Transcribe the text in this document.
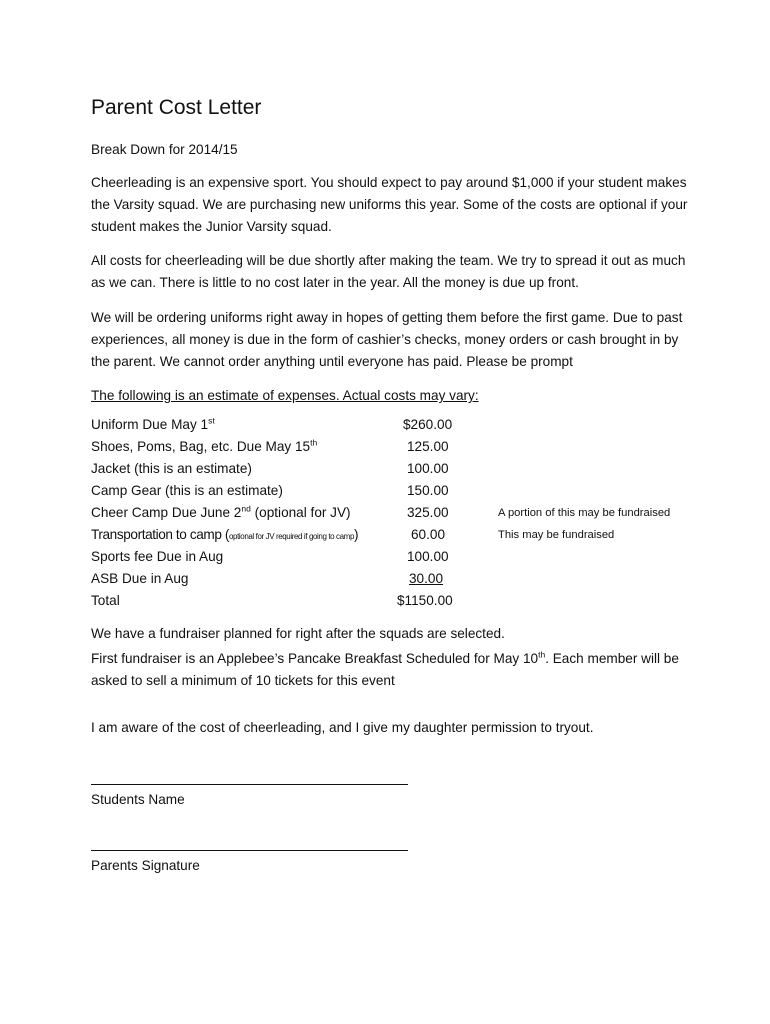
Parent Cost Letter
Break Down for 2014/15
Cheerleading is an expensive sport. You should expect to pay around $1,000 if your student makes the Varsity squad. We are purchasing new uniforms this year. Some of the costs are optional if your student makes the Junior Varsity squad.
All costs for cheerleading will be due shortly after making the team. We try to spread it out as much as we can. There is little to no cost later in the year. All the money is due up front.
We will be ordering uniforms right away in hopes of getting them before the first game. Due to past experiences, all money is due in the form of cashier’s checks, money orders or cash brought in by the parent. We cannot order anything until everyone has paid. Please be prompt
The following is an estimate of expenses. Actual costs may vary:
Uniform Due May 1st	$260.00
Shoes, Poms, Bag, etc. Due May 15th	125.00
Jacket (this is an estimate)	100.00
Camp Gear (this is an estimate)	150.00
Cheer Camp Due June 2nd (optional for JV)	325.00	A portion of this may be fundraised
Transportation to camp (optional for JV required if going to camp)	60.00	This may be fundraised
Sports fee Due in Aug	100.00
ASB Due in Aug	30.00
Total	$1150.00
We have a fundraiser planned for right after the squads are selected.
First fundraiser is an Applebee’s Pancake Breakfast Scheduled for May 10th. Each member will be asked to sell a minimum of 10 tickets for this event
I am aware of the cost of cheerleading, and I give my daughter permission to tryout.
Students Name
Parents Signature
